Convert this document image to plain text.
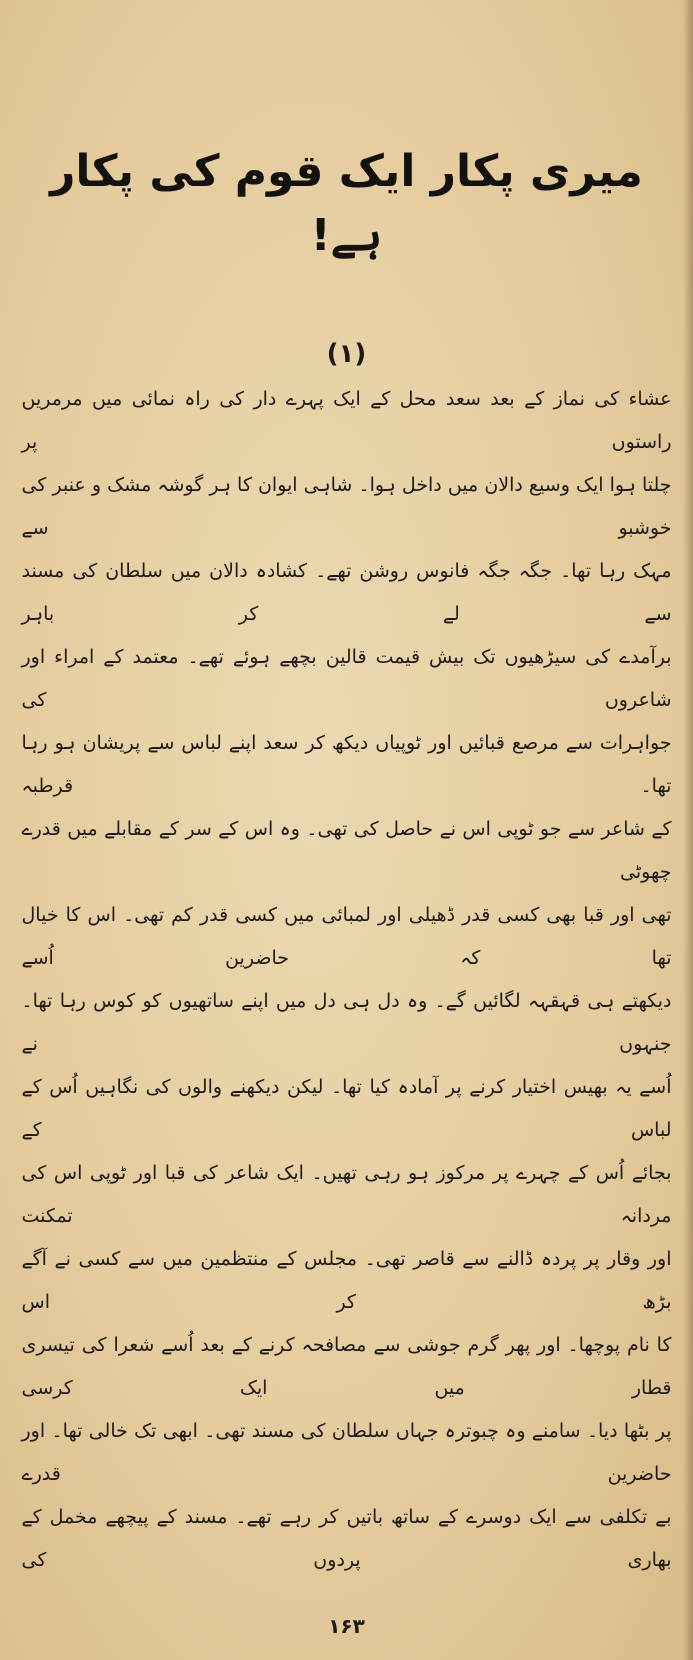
میری پکار ایک قوم کی پکار ہے!
(۱)
عشاء کی نماز کے بعد سعد محل کے ایک پہرے دار کی راہ نمائی میں مرمریں راستوں پر
چلتا ہوا ایک وسیع دالان میں داخل ہوا۔ شاہی ایوان کا ہر گوشہ مشک و عنبر کی خوشبو سے
مہک رہا تھا۔ جگہ جگہ فانوس روشن تھے۔ کشادہ دالان میں سلطان کی مسند سے لے کر باہر
برآمدے کی سیڑھیوں تک بیش قیمت قالین بچھے ہوئے تھے۔ معتمد کے امراء اور شاعروں کی
جواہرات سے مرصع قبائیں اور ٹوپیاں دیکھ کر سعد اپنے لباس سے پریشان ہو رہا تھا۔ قرطبہ
کے شاعر سے جو ٹوپی اس نے حاصل کی تھی۔ وہ اس کے سر کے مقابلے میں قدرے چھوٹی
تھی اور قبا بھی کسی قدر ڈھیلی اور لمبائی میں کسی قدر کم تھی۔ اس کا خیال تھا کہ حاضرین اُسے
دیکھتے ہی قہقہہ لگائیں گے۔ وہ دل ہی دل میں اپنے ساتھیوں کو کوس رہا تھا۔ جنہوں نے
اُسے یہ بھیس اختیار کرنے پر آمادہ کیا تھا۔ لیکن دیکھنے والوں کی نگاہیں اُس کے لباس کے
بجائے اُس کے چہرے پر مرکوز ہو رہی تھیں۔ ایک شاعر کی قبا اور ٹوپی اس کی مردانہ تمکنت
اور وقار پر پردہ ڈالنے سے قاصر تھی۔ مجلس کے منتظمین میں سے کسی نے آگے بڑھ کر اس
کا نام پوچھا۔ اور پھر گرم جوشی سے مصافحہ کرنے کے بعد اُسے شعرا کی تیسری قطار میں ایک کرسی
پر بٹھا دیا۔ سامنے وہ چبوترہ جہاں سلطان کی مسند تھی۔ ابھی تک خالی تھا۔ اور حاضرین قدرے
بے تکلفی سے ایک دوسرے کے ساتھ باتیں کر رہے تھے۔ مسند کے پیچھے مخمل کے بھاری پردوں کی
۱۶۳
